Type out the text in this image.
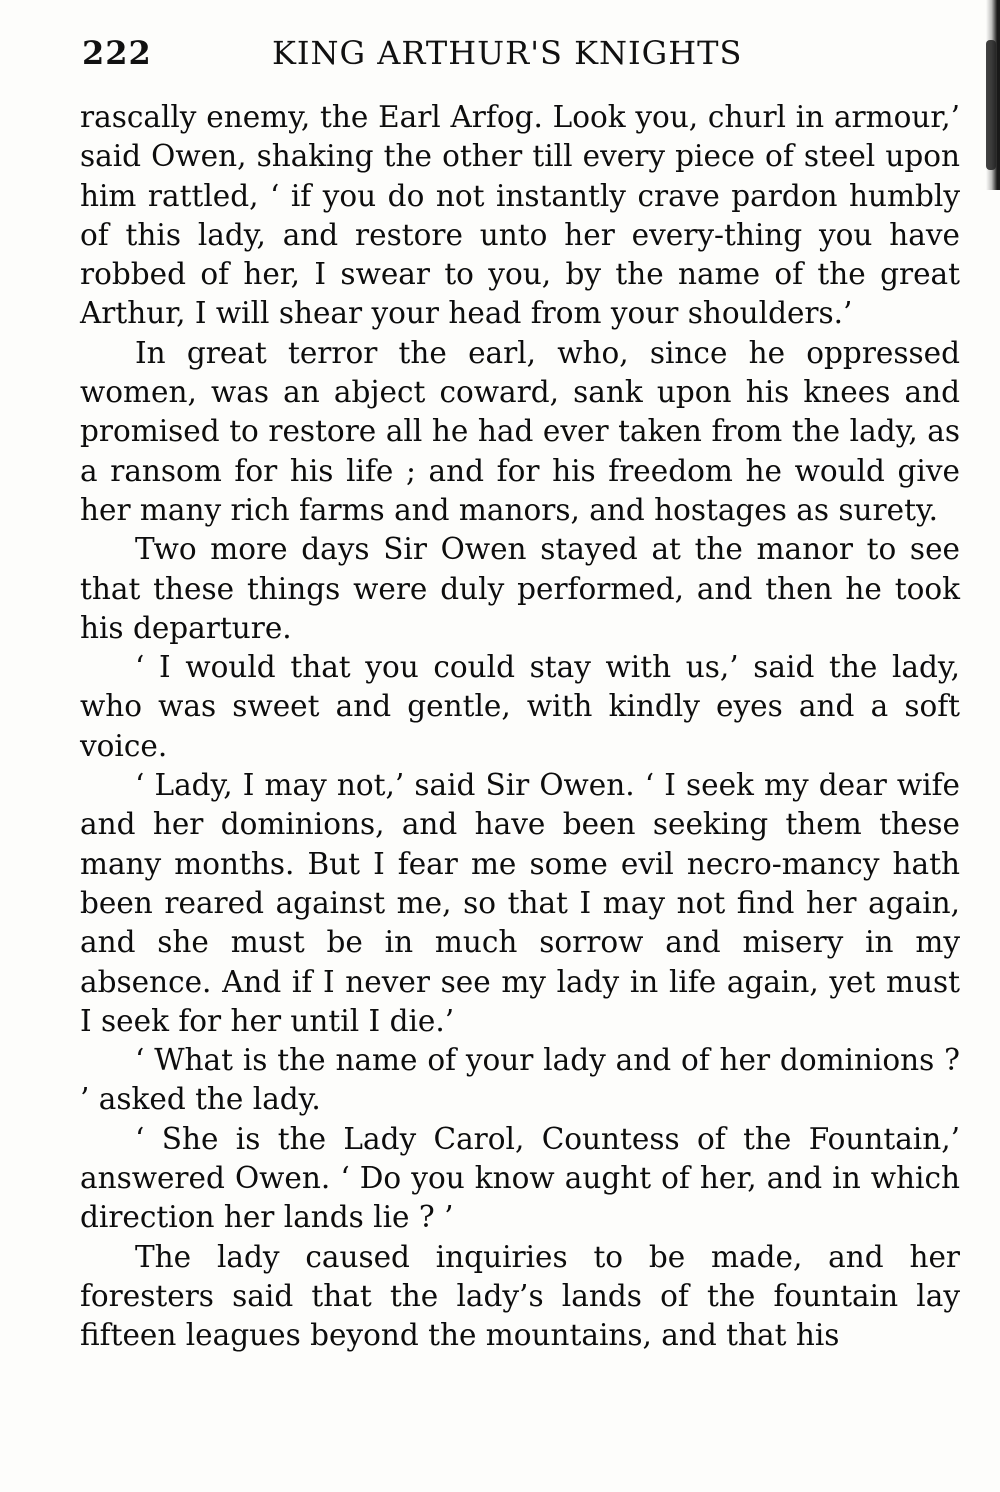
222	KING ARTHUR'S KNIGHTS

rascally enemy, the Earl Arfog. Look you, churl in armour,’ said Owen, shaking the other till every piece of steel upon him rattled, ‘ if you do not instantly crave pardon humbly of this lady, and restore unto her every-thing you have robbed of her, I swear to you, by the name of the great Arthur, I will shear your head from your shoulders.’

In great terror the earl, who, since he oppressed women, was an abject coward, sank upon his knees and promised to restore all he had ever taken from the lady, as a ransom for his life ; and for his freedom he would give her many rich farms and manors, and hostages as surety.

Two more days Sir Owen stayed at the manor to see that these things were duly performed, and then he took his departure.

‘ I would that you could stay with us,’ said the lady, who was sweet and gentle, with kindly eyes and a soft voice.

‘ Lady, I may not,’ said Sir Owen. ‘ I seek my dear wife and her dominions, and have been seeking them these many months. But I fear me some evil necro-mancy hath been reared against me, so that I may not find her again, and she must be in much sorrow and misery in my absence. And if I never see my lady in life again, yet must I seek for her until I die.’

‘ What is the name of your lady and of her dominions ? ’ asked the lady.

‘ She is the Lady Carol, Countess of the Fountain,’ answered Owen. ‘ Do you know aught of her, and in which direction her lands lie ? ’

The lady caused inquiries to be made, and her foresters said that the lady’s lands of the fountain lay fifteen leagues beyond the mountains, and that his
